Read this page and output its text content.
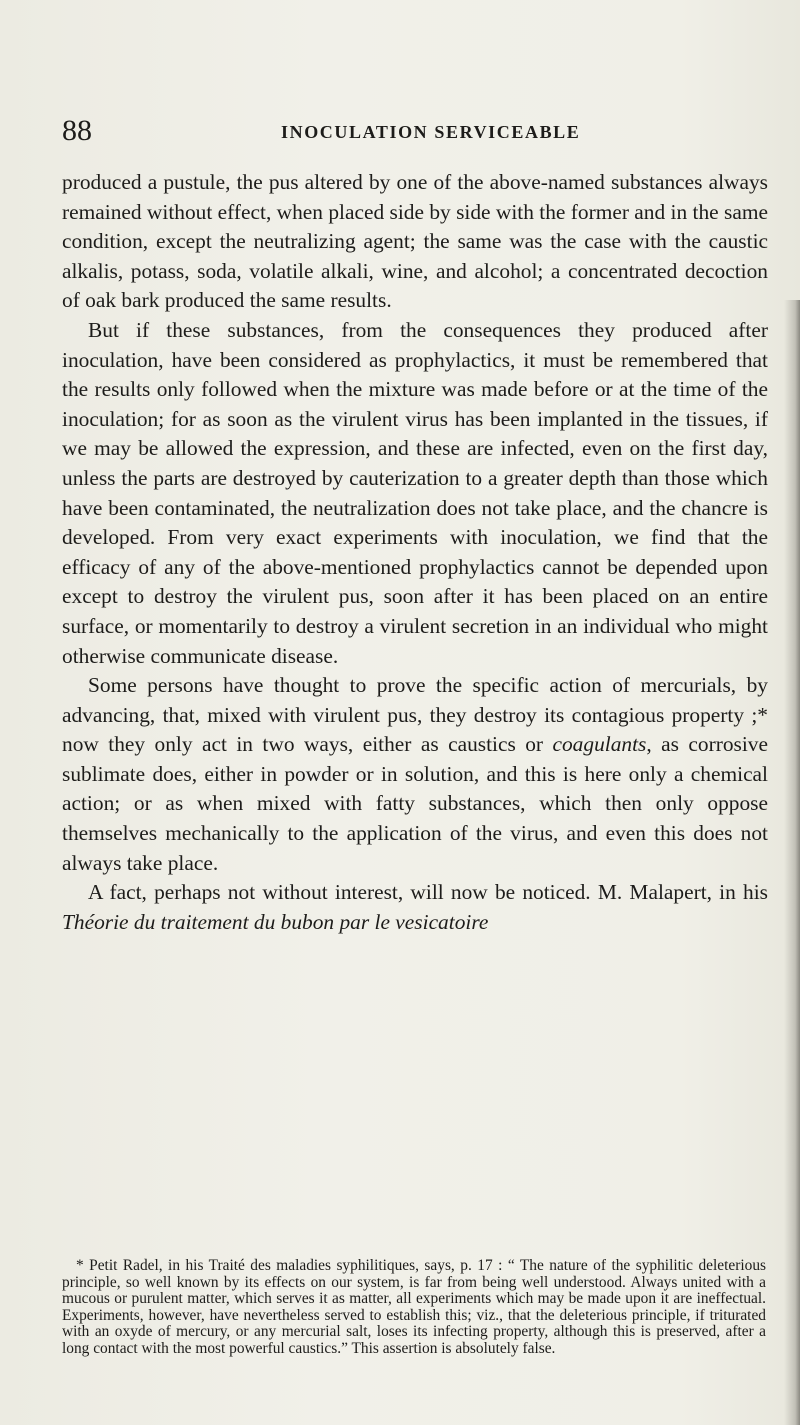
88	INOCULATION SERVICEABLE

produced a pustule, the pus altered by one of the above-named substances always remained without effect, when placed side by side with the former and in the same condition, except the neutralizing agent; the same was the case with the caustic alkalis, potass, soda, volatile alkali, wine, and alcohol; a concentrated decoction of oak bark produced the same results.

But if these substances, from the consequences they produced after inoculation, have been considered as prophylactics, it must be remembered that the results only followed when the mixture was made before or at the time of the inoculation; for as soon as the virulent virus has been implanted in the tissues, if we may be allowed the expression, and these are infected, even on the first day, unless the parts are destroyed by cauterization to a greater depth than those which have been contaminated, the neutralization does not take place, and the chancre is developed. From very exact experiments with inoculation, we find that the efficacy of any of the above-mentioned prophylactics cannot be depended upon except to destroy the virulent pus, soon after it has been placed on an entire surface, or momentarily to destroy a virulent secretion in an individual who might otherwise communicate disease.

Some persons have thought to prove the specific action of mercurials, by advancing, that, mixed with virulent pus, they destroy its contagious property ;* now they only act in two ways, either as caustics or coagulants, as corrosive sublimate does, either in powder or in solution, and this is here only a chemical action; or as when mixed with fatty substances, which then only oppose themselves mechanically to the application of the virus, and even this does not always take place.

A fact, perhaps not without interest, will now be noticed. M. Malapert, in his Théorie du traitement du bubon par le vesicatoire

* Petit Radel, in his Traité des maladies syphilitiques, says, p. 17 : “ The nature of the syphilitic deleterious principle, so well known by its effects on our system, is far from being well understood. Always united with a mucous or purulent matter, which serves it as matter, all experiments which may be made upon it are ineffectual. Experiments, however, have nevertheless served to establish this; viz., that the deleterious principle, if triturated with an oxyde of mercury, or any mercurial salt, loses its infecting property, although this is preserved, after a long contact with the most powerful caustics.” This assertion is absolutely false.
